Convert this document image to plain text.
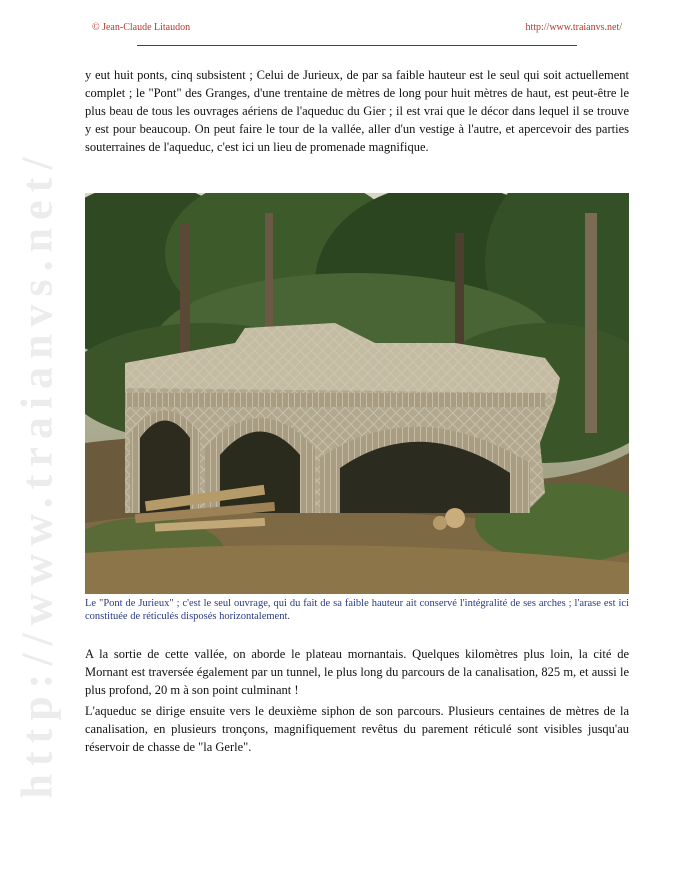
http://www.traianvs.net/
© Jean-Claude Litaudon	http://www.traianvs.net/

y eut huit ponts, cinq subsistent ; Celui de Jurieux, de par sa faible hauteur est le seul qui soit actuellement complet ; le "Pont" des Granges, d'une trentaine de mètres de long pour huit mètres de haut, est peut-être le plus beau de tous les ouvrages aériens de l'aqueduc du Gier ; il est vrai que le décor dans lequel il se trouve y est pour beaucoup. On peut faire le tour de la vallée, aller d'un vestige à l'autre, et apercevoir des parties souterraines de l'aqueduc, c'est ici un lieu de promenade magnifique.

Le "Pont de Jurieux" ; c'est le seul ouvrage, qui du fait de sa faible hauteur ait conservé l'intégralité de ses arches ; l'arase est ici constituée de réticulés disposés horizontalement.

A la sortie de cette vallée, on aborde le plateau mornantais. Quelques kilomètres plus loin, la cité de Mornant est traversée également par un tunnel, le plus long du parcours de la canalisation, 825 m, et aussi le plus profond, 20 m à son point culminant !

L'aqueduc se dirige ensuite vers le deuxième siphon de son parcours. Plusieurs centaines de mètres de la canalisation, en plusieurs tronçons, magnifiquement revêtus du parement réticulé sont visibles jusqu'au réservoir de chasse de "la Gerle".
